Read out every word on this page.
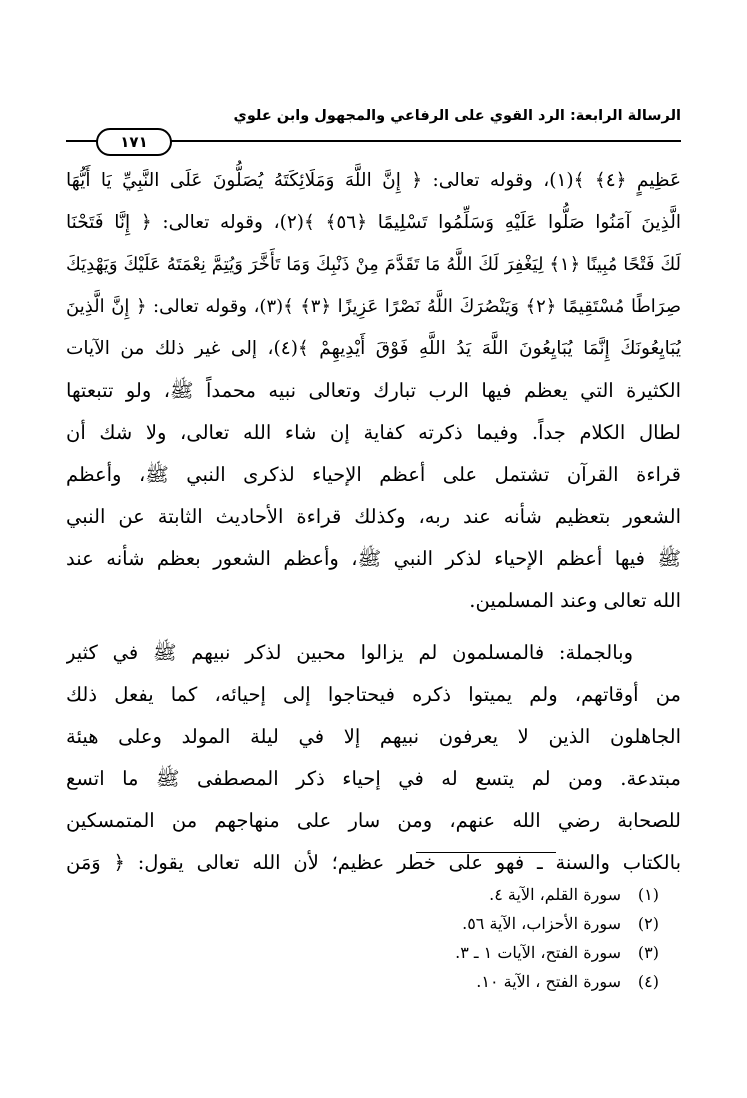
الرسالة الرابعة: الرد القوي على الرفاعي والمجهول وابن علوي
١٧١
عَظِيمٍ ﴿٤﴾ ﴾(١)، وقوله تعالى: ﴿ إِنَّ اللَّهَ وَمَلَائِكَتَهُ يُصَلُّونَ عَلَى النَّبِيِّ يَا أَيُّهَا
الَّذِينَ آمَنُوا صَلُّوا عَلَيْهِ وَسَلِّمُوا تَسْلِيمًا ﴿٥٦﴾ ﴾(٢)، وقوله تعالى: ﴿ إِنَّا فَتَحْنَا
لَكَ فَتْحًا مُبِينًا ﴿١﴾ لِيَغْفِرَ لَكَ اللَّهُ مَا تَقَدَّمَ مِنْ ذَنْبِكَ وَمَا تَأَخَّرَ وَيُتِمَّ نِعْمَتَهُ عَلَيْكَ وَيَهْدِيَكَ
صِرَاطًا مُسْتَقِيمًا ﴿٢﴾ وَيَنْصُرَكَ اللَّهُ نَصْرًا عَزِيزًا ﴿٣﴾ ﴾(٣)، وقوله تعالى: ﴿ إِنَّ الَّذِينَ
يُبَايِعُونَكَ إِنَّمَا يُبَايِعُونَ اللَّهَ يَدُ اللَّهِ فَوْقَ أَيْدِيهِمْ ﴾(٤)، إلى غير ذلك من الآيات
الكثيرة التي يعظم فيها الرب تبارك وتعالى نبيه محمداً ﷺ، ولو تتبعتها
لطال الكلام جداً. وفيما ذكرته كفاية إن شاء الله تعالى، ولا شك أن
قراءة القرآن تشتمل على أعظم الإحياء لذكرى النبي ﷺ، وأعظم
الشعور بتعظيم شأنه عند ربه، وكذلك قراءة الأحاديث الثابتة عن النبي
ﷺ فيها أعظم الإحياء لذكر النبي ﷺ، وأعظم الشعور بعظم شأنه عند
الله تعالى وعند المسلمين.
وبالجملة: فالمسلمون لم يزالوا محبين لذكر نبيهم ﷺ في كثير
من أوقاتهم، ولم يميتوا ذكره فيحتاجوا إلى إحيائه، كما يفعل ذلك
الجاهلون الذين لا يعرفون نبيهم إلا في ليلة المولد وعلى هيئة
مبتدعة. ومن لم يتسع له في إحياء ذكر المصطفى ﷺ ما اتسع
للصحابة رضي الله عنهم، ومن سار على منهاجهم من المتمسكين
بالكتاب والسنة ـ فهو على خطر عظيم؛ لأن الله تعالى يقول: ﴿ وَمَن
(١)سورة القلم، الآية ٤.
(٢)سورة الأحزاب، الآية ٥٦.
(٣)سورة الفتح، الآيات ١ ـ ٣.
(٤)سورة الفتح ، الآية ١٠.
